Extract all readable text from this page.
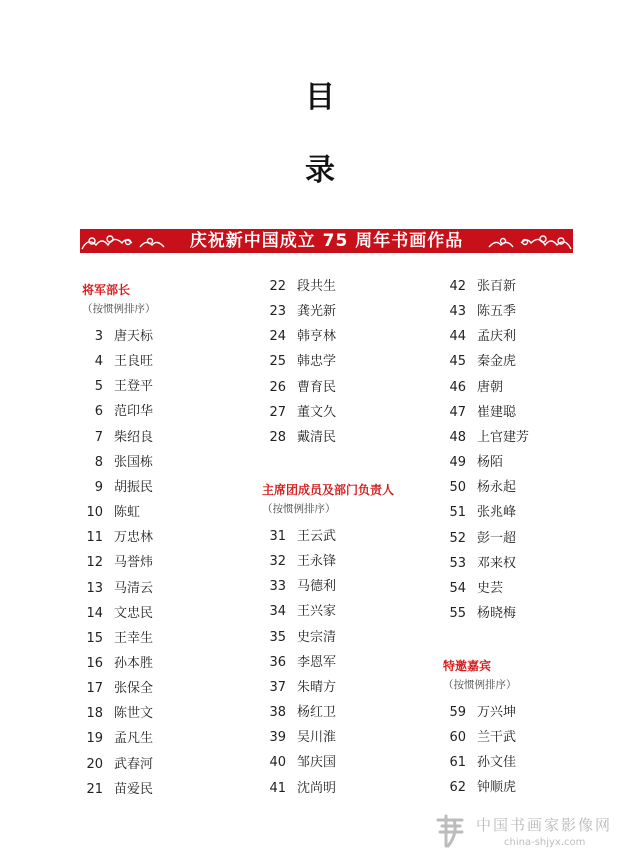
目
录
庆祝新中国成立 75 周年书画作品
将军部长
（按惯例排序）
3 唐天标
4 王良旺
5 王登平
6 范印华
7 柴绍良
8 张国栋
9 胡振民
10 陈虹
11 万忠林
12 马誉炜
13 马清云
14 文忠民
15 王幸生
16 孙本胜
17 张保全
18 陈世文
19 孟凡生
20 武春河
21 苗爱民
22 段共生
23 龚光新
24 韩亨林
25 韩忠学
26 曹育民
27 董文久
28 戴清民
主席团成员及部门负责人
（按惯例排序）
31 王云武
32 王永锋
33 马德利
34 王兴家
35 史宗清
36 李恩军
37 朱晴方
38 杨红卫
39 吴川淮
40 邹庆国
41 沈尚明
42 张百新
43 陈五季
44 孟庆利
45 秦金虎
46 唐朝
47 崔建聪
48 上官建芳
49 杨陌
50 杨永起
51 张兆峰
52 彭一超
53 邓来权
54 史芸
55 杨晓梅
特邀嘉宾
（按惯例排序）
59 万兴坤
60 兰干武
61 孙文佳
62 钟顺虎
中国书画家影像网
china-shjyx.com
